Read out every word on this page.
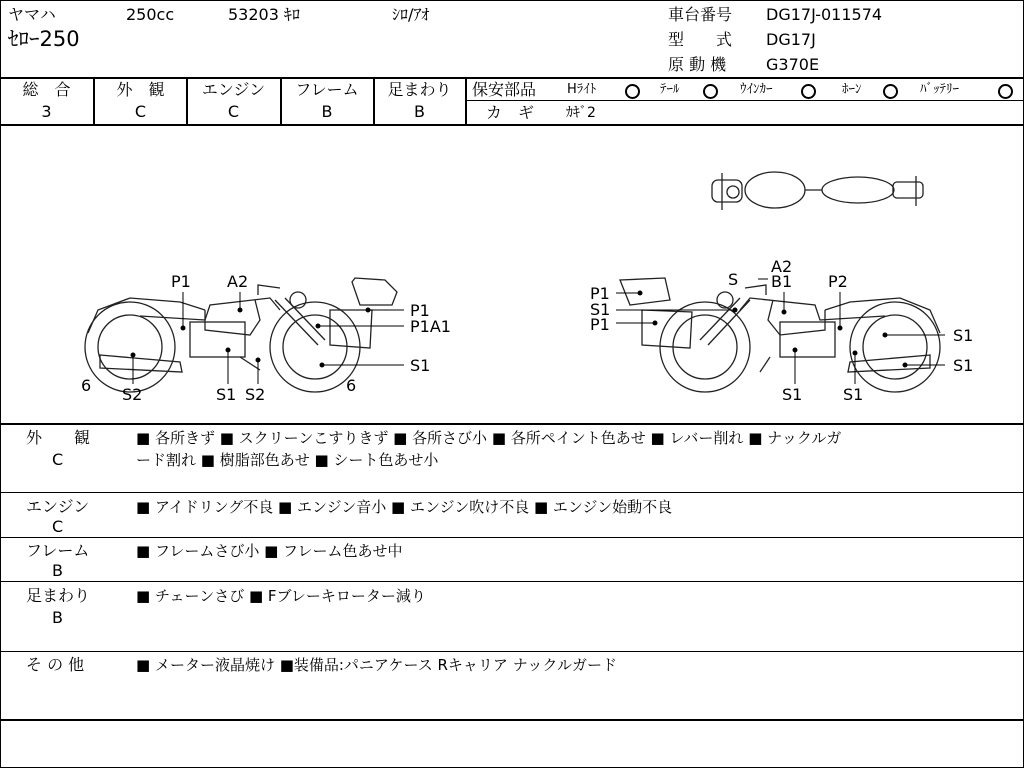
ヤマハ	250cc	53203 ｷﾛ	ｼﾛ/ｱｵ
ｾﾛｰ250
車台番号 DG17J-011574
型　　式 DG17J
原 動 機 G370E
総　合
3
外　観
C
エンジン
C
フレーム
B
足まわり
B
保安部品 Hﾗｲﾄ	ﾃｰﾙ	ｳｲﾝｶｰ	ﾎｰﾝ	ﾊﾞｯﾃﾘｰ
カ　ギ ｶｷﾞ2
P1 A2
P1
P1A1
S1
6 S2	S1 S2	6
S
A2
B1 P2
P1
S1
P1
S1
S1
S1	S1
外　　観
C
■ 各所きず ■ スクリーンこすりきず ■ 各所さび小 ■ 各所ペイント色あせ ■ レバー削れ ■ ナックルガ
ード割れ ■ 樹脂部色あせ ■ シート色あせ小
エンジン
C
■ アイドリング不良 ■ エンジン音小 ■ エンジン吹け不良 ■ エンジン始動不良
フレーム
B
■ フレームさび小 ■ フレーム色あせ中
足まわり
B
■ チェーンさび ■ Fブレーキローター減り
そ の 他	■ メーター液晶焼け ■装備品:パニアケース Rキャリア ナックルガード
